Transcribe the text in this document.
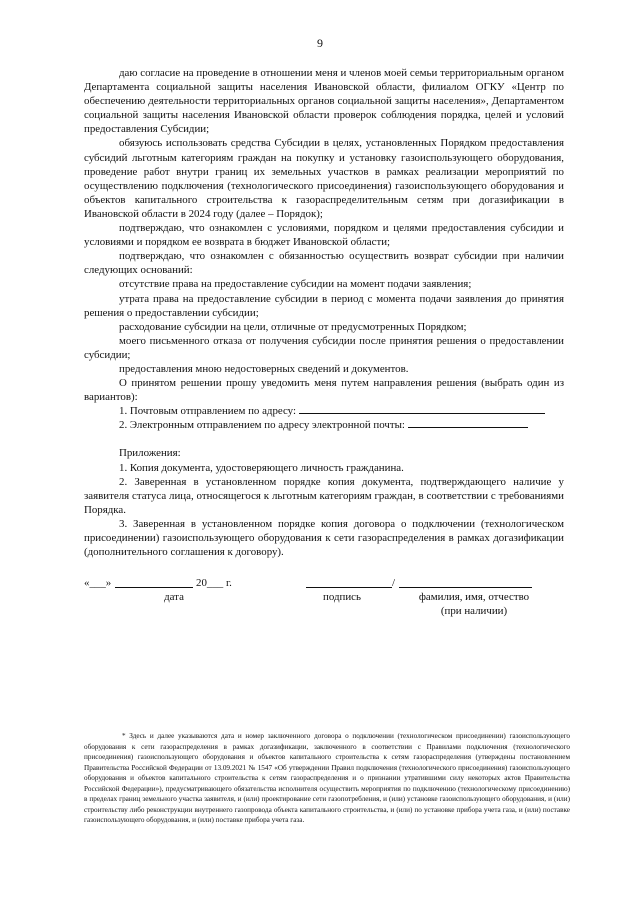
9

даю согласие на проведение в отношении меня и членов моей семьи территориальным органом Департамента социальной защиты населения Ивановской области, филиалом ОГКУ «Центр по обеспечению деятельности территориальных органов социальной защиты населения», Департаментом социальной защиты населения Ивановской области проверок соблюдения порядка, целей и условий предоставления Субсидии;

обязуюсь использовать средства Субсидии в целях, установленных Порядком предоставления субсидий льготным категориям граждан на покупку и установку газоиспользующего оборудования, проведение работ внутри границ их земельных участков в рамках реализации мероприятий по осуществлению подключения (технологического присоединения) газоиспользующего оборудования и объектов капитального строительства к газораспределительным сетям при догазификации в Ивановской области в 2024 году (далее – Порядок);

подтверждаю, что ознакомлен с условиями, порядком и целями предоставления субсидии и условиями и порядком ее возврата в бюджет Ивановской области;

подтверждаю, что ознакомлен с обязанностью осуществить возврат субсидии при наличии следующих оснований:

отсутствие права на предоставление субсидии на момент подачи заявления;

утрата права на предоставление субсидии в период с момента подачи заявления до принятия решения о предоставлении субсидии;

расходование субсидии на цели, отличные от предусмотренных Порядком;

моего письменного отказа от получения субсидии после принятия решения о предоставлении субсидии;

предоставления мною недостоверных сведений и документов.

О принятом решении прошу уведомить меня путем направления решения (выбрать один из вариантов):

1. Почтовым отправлением по адресу:

2. Электронным отправлением по адресу электронной почты:

Приложения:

1. Копия документа, удостоверяющего личность гражданина.

2. Заверенная в установленном порядке копия документа, подтверждающего наличие у заявителя статуса лица, относящегося к льготным категориям граждан, в соответствии с требованиями Порядка.

3. Заверенная в установленном порядке копия договора о подключении (технологическом присоединении) газоиспользующего оборудования к сети газораспределения в рамках догазификации (дополнительного соглашения к договору).

«___»	20___ г.	/
дата	подпись	фамилия, имя, отчество
(при наличии)

* Здесь и далее указываются дата и номер заключенного договора о подключении (технологическом присоединении) газоиспользующего оборудования к сети газораспределения в рамках догазификации, заключенного в соответствии с Правилами подключения (технологического присоединения) газоиспользующего оборудования и объектов капитального строительства к сетям газораспределения (утверждены постановлением Правительства Российской Федерации от 13.09.2021 № 1547 «Об утверждении Правил подключения (технологического присоединения) газоиспользующего оборудования и объектов капитального строительства к сетям газораспределения и о признании утратившими силу некоторых актов Правительства Российской Федерации»), предусматривающего обязательства исполнителя осуществить мероприятия по подключению (технологическому присоединению) в пределах границ земельного участка заявителя, и (или) проектирование сети газопотребления, и (или) установке газоиспользующего оборудования, и (или) строительству либо реконструкции внутреннего газопровода объекта капитального строительства, и (или) по установке прибора учета газа, и (или) поставке газоиспользующего оборудования, и (или) поставке прибора учета газа.
